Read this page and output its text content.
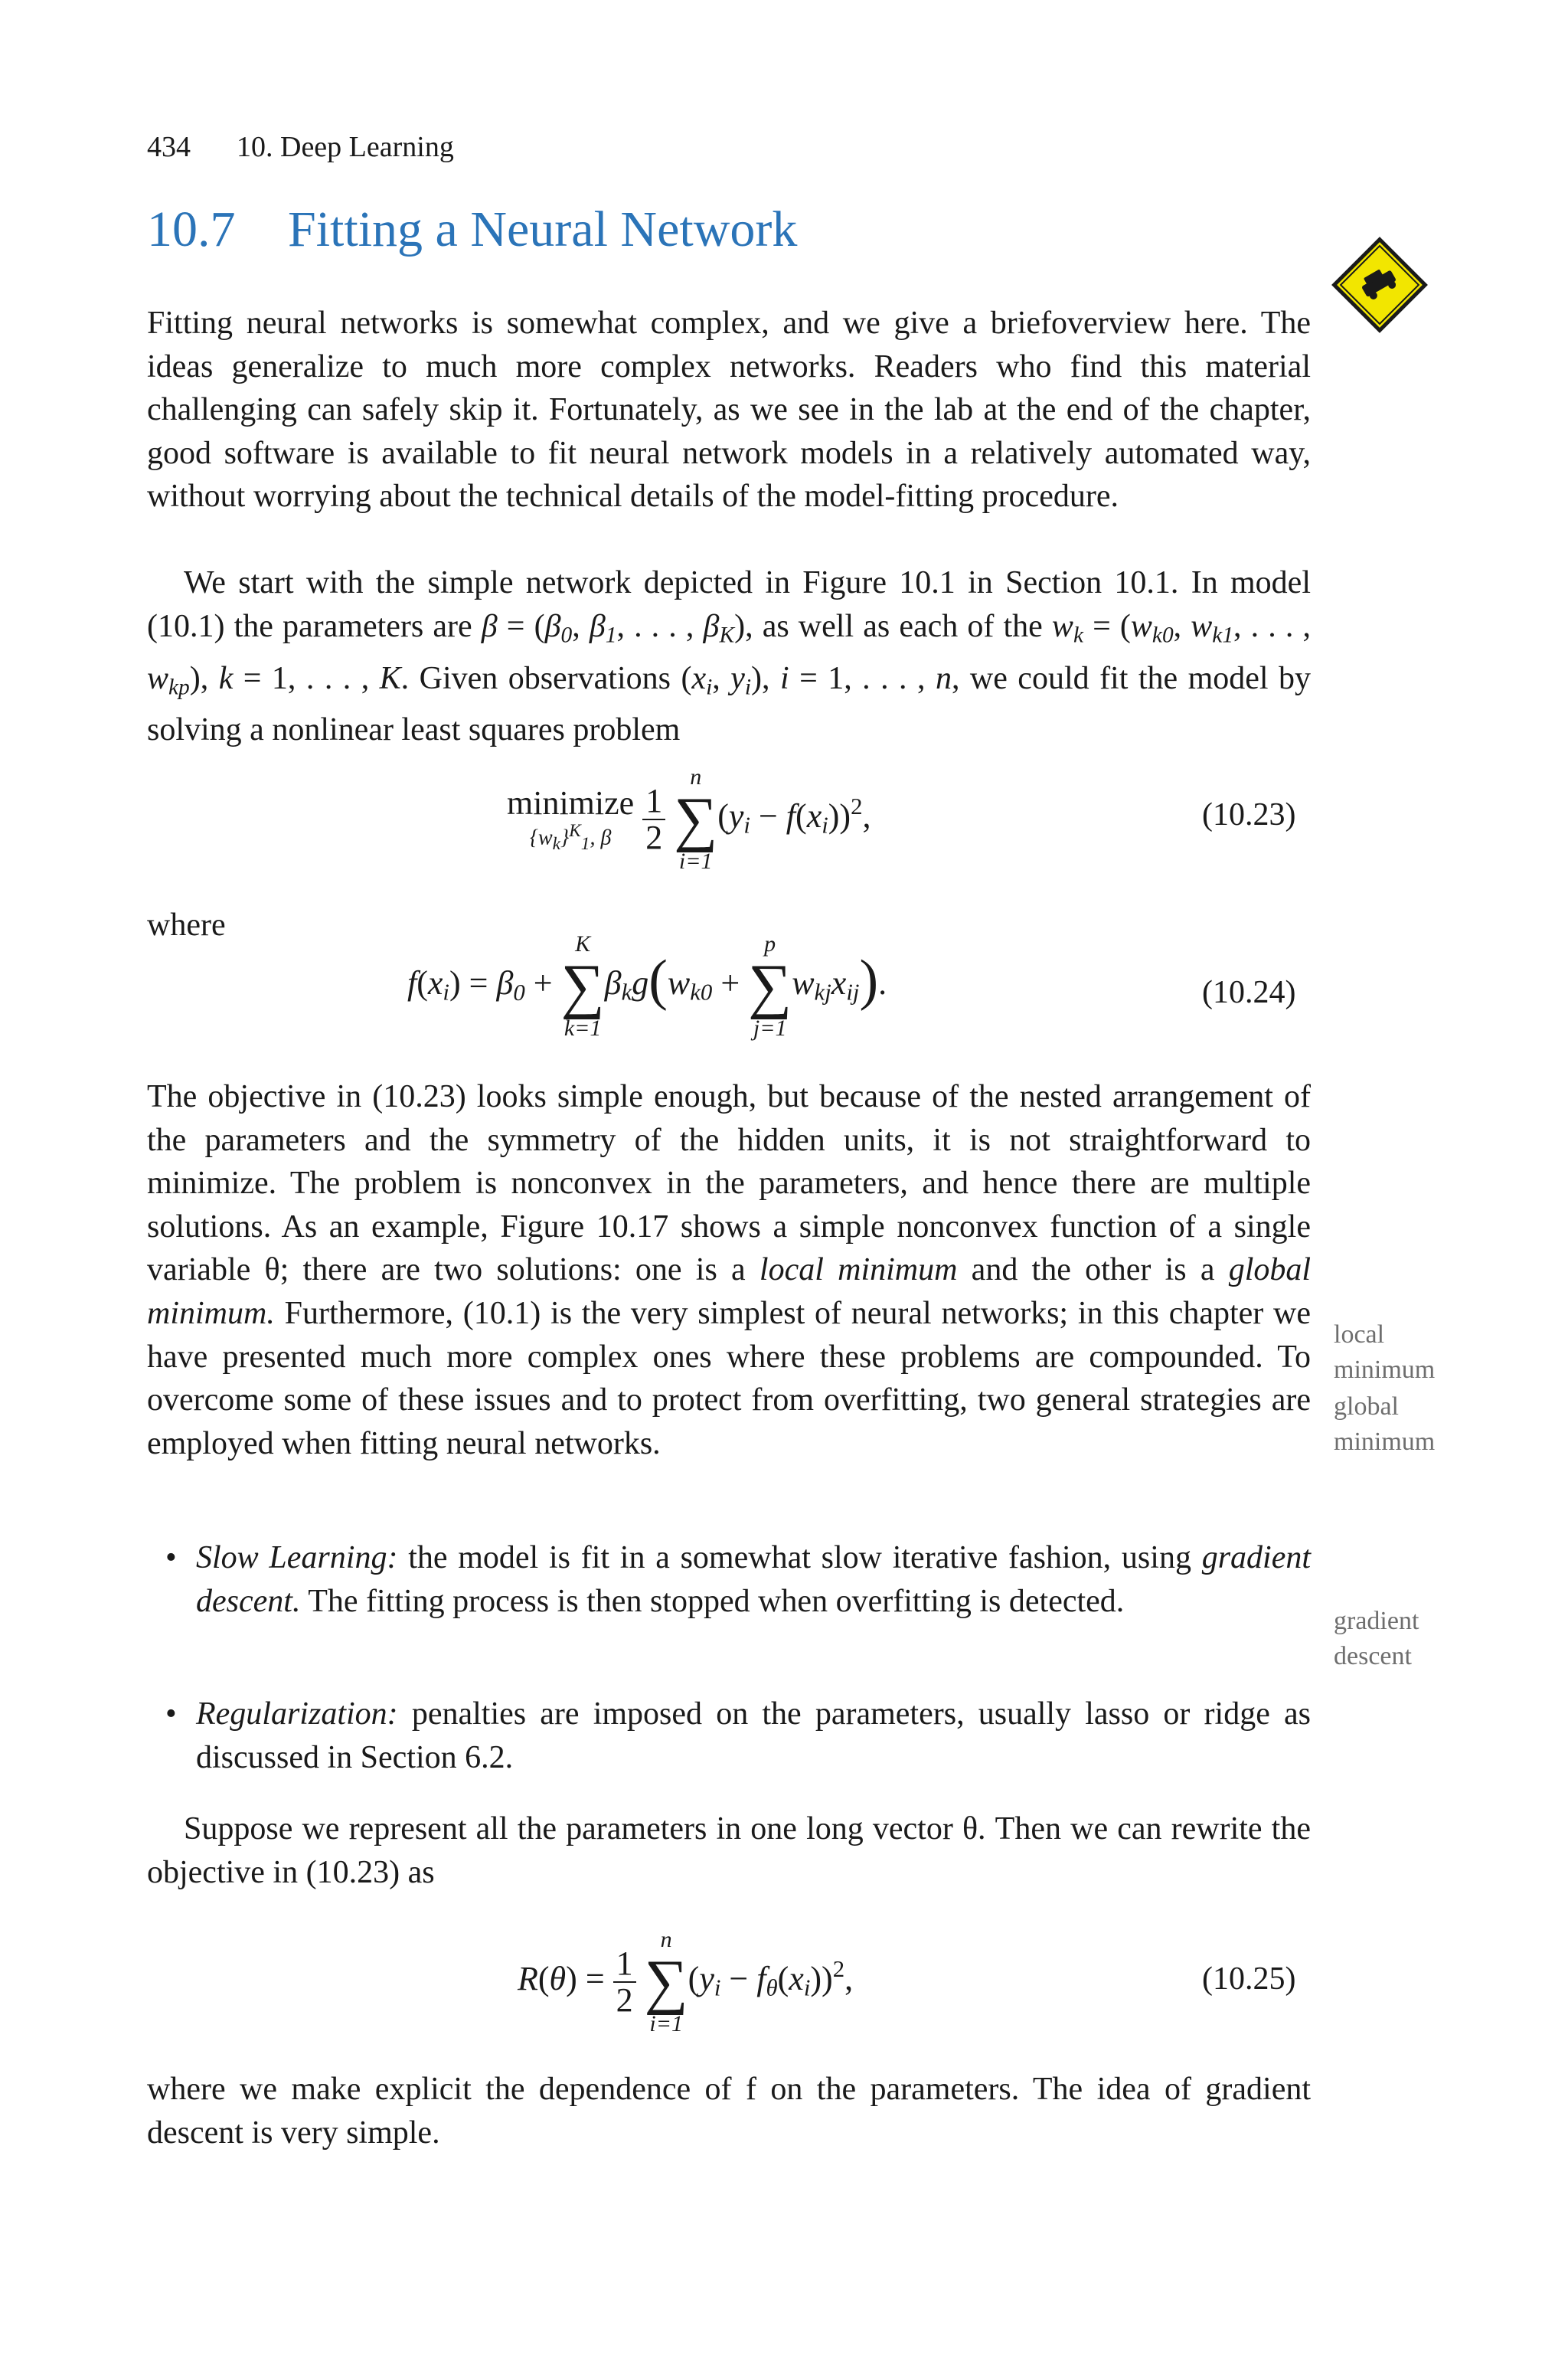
434 10. Deep Learning
10.7 Fitting a Neural Network

Fitting neural networks is somewhat complex, and we give a briefoverview here. The ideas generalize to much more complex networks. Readers who find this material challenging can safely skip it. Fortunately, as we see in the lab at the end of the chapter, good software is available to fit neural network models in a relatively automated way, without worrying about the technical details of the model-fitting procedure.

We start with the simple network depicted in Figure 10.1 in Section 10.1. In model (10.1) the parameters are $\beta = (\beta_0$, $\beta_1$, . . . , $\beta_K$), as well as each of the $w_k = (w_{k0}$, $w_{k1}$, . . . , $w_{kp}$), k = 1, . . . , K. Given observations ($x_i$, $y_i$), i = 1, . . . , n, we could fit the model by solving a nonlinear least squares problem

minimize
$\{w_k\}^K_1$, β
$\frac{1}{2}$

n
∑
i=1
$(y_i - f(x_i))^2$,	(10.23)
where
$f(x_i) = \beta_0$ +
K
∑
k=1
$\beta_kg(w_{k0}$ +
p
∑
j=1
$w_{kj}x_{ij}$).	(10.24)

The objective in (10.23) looks simple enough, but because of the nested arrangement of the parameters and the symmetry of the hidden units, it is not straightforward to minimize. The problem is nonconvex in the parameters, and hence there are multiple solutions. As an example, Figure 10.17 shows a simple nonconvex function of a single variable θ; there are two solutions: one is a local minimum and the other is a global minimum. Furthermore, (10.1) is the very simplest of neural networks; in this chapter we have presented much more complex ones where these problems are compounded. To overcome some of these issues and to protect from overfitting, two general strategies are employed when fitting neural networks.

local minimum
global minimum
gradient descent
• Slow Learning: the model is fit in a somewhat slow iterative fashion, using gradient descent. The fitting process is then stopped when overfitting is detected.
• Regularization: penalties are imposed on the parameters, usually lasso or ridge as discussed in Section 6.2.

Suppose we represent all the parameters in one long vector θ. Then we can rewrite the objective in (10.23) as

$R(\theta) = \frac{1}{2}$

n
∑
i=1
$(y_i - f_\theta(x_i))^2$,	(10.25)

where we make explicit the dependence of f on the parameters. The idea of gradient descent is very simple.
